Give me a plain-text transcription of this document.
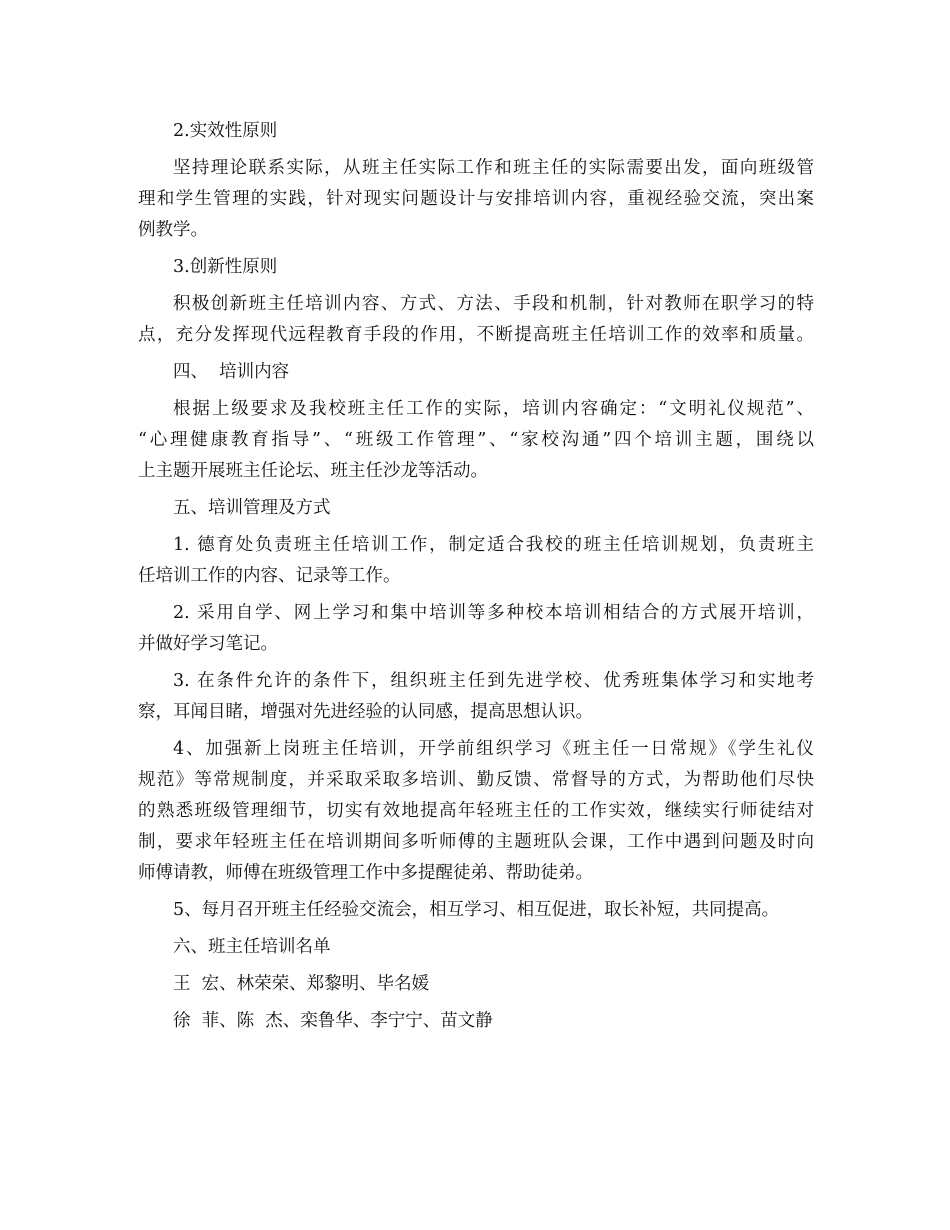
2.实效性原则

坚持理论联系实际，从班主任实际工作和班主任的实际需要出发，面向班级管

理和学生管理的实践，针对现实问题设计与安排培训内容，重视经验交流，突出案

例教学。

3.创新性原则

积极创新班主任培训内容、方式、方法、手段和机制，针对教师在职学习的特

点，充分发挥现代远程教育手段的作用，不断提高班主任培训工作的效率和质量。

四、  培训内容

根据上级要求及我校班主任工作的实际，培训内容确定：“文明礼仪规范”、

“心理健康教育指导”、“班级工作管理”、“家校沟通”四个培训主题，围绕以

上主题开展班主任论坛、班主任沙龙等活动。

五、培训管理及方式

1. 德育处负责班主任培训工作，制定适合我校的班主任培训规划，负责班主

任培训工作的内容、记录等工作。

2. 采用自学、网上学习和集中培训等多种校本培训相结合的方式展开培训，

并做好学习笔记。

3. 在条件允许的条件下，组织班主任到先进学校、优秀班集体学习和实地考

察，耳闻目睹，增强对先进经验的认同感，提高思想认识。

4、加强新上岗班主任培训，开学前组织学习《班主任一日常规》《学生礼仪

规范》等常规制度，并采取采取多培训、勤反馈、常督导的方式，为帮助他们尽快

的熟悉班级管理细节，切实有效地提高年轻班主任的工作实效，继续实行师徒结对

制，要求年轻班主任在培训期间多听师傅的主题班队会课，工作中遇到问题及时向

师傅请教，师傅在班级管理工作中多提醒徒弟、帮助徒弟。

5、每月召开班主任经验交流会，相互学习、相互促进，取长补短，共同提高。

六、班主任培训名单

王  宏、林荣荣、郑黎明、毕名媛

徐  菲、陈  杰、栾鲁华、李宁宁、苗文静
